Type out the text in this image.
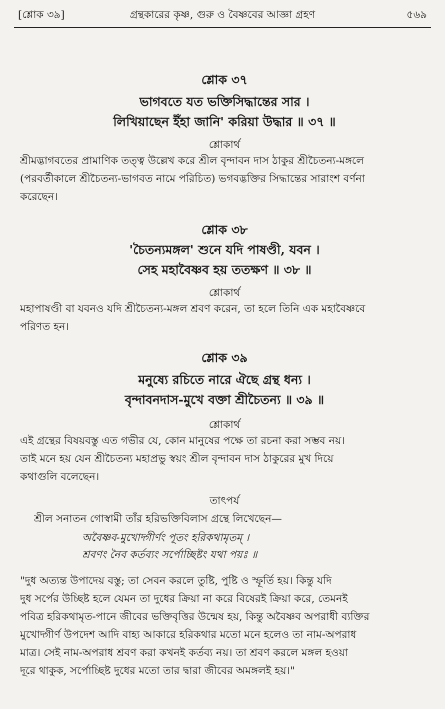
[শ্লোক ৩৯]	গ্রন্থকারের কৃষ্ণ, গুরু ও বৈষ্ণবের আজ্ঞা গ্রহণ	৫৬৯
শ্লোক ৩৭
ভাগবতে যত ভক্তিসিদ্ধান্তের সার ।
লিখিয়াছেন ইঁহা জানি' করিয়া উদ্ধার ॥ ৩৭ ॥
শ্লোকার্থ
শ্রীমদ্ভাগবতের প্রামাণিক তত্ত্ব উল্লেখ করে শ্রীল বৃন্দাবন দাস ঠাকুর শ্রীচৈতন্য-মঙ্গলে
(পরবর্তীকালে শ্রীচৈতন্য-ভাগবত নামে পরিচিত) ভগবদ্ভক্তির সিদ্ধান্তের সারাংশ বর্ণনা
করেছেন।
শ্লোক ৩৮
'চৈতন্যমঙ্গল' শুনে যদি পাষণ্ডী, যবন ।
সেহ মহাবৈষ্ণব হয় ততক্ষণ ॥ ৩৮ ॥
শ্লোকার্থ
মহাপাষণ্ডী বা যবনও যদি শ্রীচৈতন্য-মঙ্গল শ্রবণ করেন, তা হলে তিনি এক মহাবৈষ্ণবে
পরিণত হন।
শ্লোক ৩৯
মনুষ্যে রচিতে নারে ঐছে গ্রন্থ ধন্য ।
বৃন্দাবনদাস-মুখে বক্তা শ্রীচৈতন্য ॥ ৩৯ ॥
শ্লোকার্থ
এই গ্রন্থের বিষয়বস্তু এত গভীর যে, কোন মানুষের পক্ষে তা রচনা করা সম্ভব নয়।
তাই মনে হয় যেন শ্রীচৈতন্য মহাপ্রভু স্বয়ং শ্রীল বৃন্দাবন দাস ঠাকুরের মুখ দিয়ে
কথাগুলি বলেছেন।
তাৎপর্য
শ্রীল সনাতন গোস্বামী তাঁর হরিভক্তিবিলাস গ্রন্থে লিখেছেন—
অবৈষ্ণব-মুখোদ্গীর্ণং পূতং হরিকথামৃতম্ ।
শ্রবণং নৈব কর্তব্যং সর্পোচ্ছিষ্টং যথা পয়ঃ ॥
"দুধ অত্যন্ত উপাদেয় বস্তু; তা সেবন করলে তুষ্টি, পুষ্টি ও স্ফূর্তি হয়। কিন্তু যদি
দুধ সর্পের উচ্ছিষ্ট হলে যেমন তা দুধের ক্রিয়া না করে বিষেরই ক্রিয়া করে, তেমনই
পবিত্র হরিকথামৃত-পানে জীবের ভক্তিবৃত্তির উন্মেষ হয়, কিন্তু অবৈষ্ণব অপরাধী ব্যক্তির
মুখোদ্গীর্ণ উপদেশ আদি বাহ্য আকারে হরিকথার মতো মনে হলেও তা নাম-অপরাধ
মাত্র। সেই নাম-অপরাধ শ্রবণ করা কখনই কর্তব্য নয়। তা শ্রবণ করলে মঙ্গল হওয়া
দূরে থাকুক, সর্পোচ্ছিষ্ট দুধের মতো তার দ্বারা জীবের অমঙ্গলই হয়।"
